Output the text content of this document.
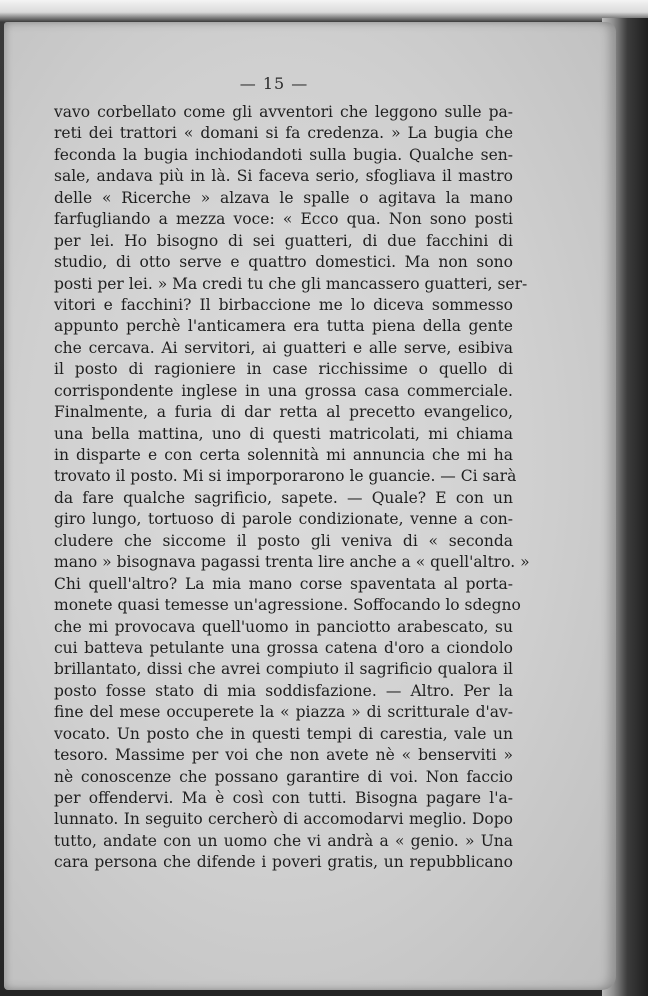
— 15 —
vavo corbellato come gli avventori che leggono sulle pa-
reti dei trattori « domani si fa credenza. » La bugia che
feconda la bugia inchiodandoti sulla bugia. Qualche sen-
sale, andava più in là. Si faceva serio, sfogliava il mastro
delle « Ricerche » alzava le spalle o agitava la mano
farfugliando a mezza voce: « Ecco qua. Non sono posti
per lei. Ho bisogno di sei guatteri, di due facchini di
studio, di otto serve e quattro domestici. Ma non sono
posti per lei. » Ma credi tu che gli mancassero guatteri, ser-
vitori e facchini? Il birbaccione me lo diceva sommesso
appunto perchè l'anticamera era tutta piena della gente
che cercava. Ai servitori, ai guatteri e alle serve, esibiva
il posto di ragioniere in case ricchissime o quello di
corrispondente inglese in una grossa casa commerciale.
Finalmente, a furia di dar retta al precetto evangelico,
una bella mattina, uno di questi matricolati, mi chiama
in disparte e con certa solennità mi annuncia che mi ha
trovato il posto. Mi si imporporarono le guancie. — Ci sarà
da fare qualche sagrificio, sapete. — Quale? E con un
giro lungo, tortuoso di parole condizionate, venne a con-
cludere che siccome il posto gli veniva di « seconda
mano » bisognava pagassi trenta lire anche a « quell'altro. »
Chi quell'altro? La mia mano corse spaventata al porta-
monete quasi temesse un'agressione. Soffocando lo sdegno
che mi provocava quell'uomo in panciotto arabescato, su
cui batteva petulante una grossa catena d'oro a ciondolo
brillantato, dissi che avrei compiuto il sagrificio qualora il
posto fosse stato di mia soddisfazione. — Altro. Per la
fine del mese occuperete la « piazza » di scritturale d'av-
vocato. Un posto che in questi tempi di carestia, vale un
tesoro. Massime per voi che non avete nè « benserviti »
nè conoscenze che possano garantire di voi. Non faccio
per offendervi. Ma è così con tutti. Bisogna pagare l'a-
lunnato. In seguito cercherò di accomodarvi meglio. Dopo
tutto, andate con un uomo che vi andrà a « genio. » Una
cara persona che difende i poveri gratis, un repubblicano
